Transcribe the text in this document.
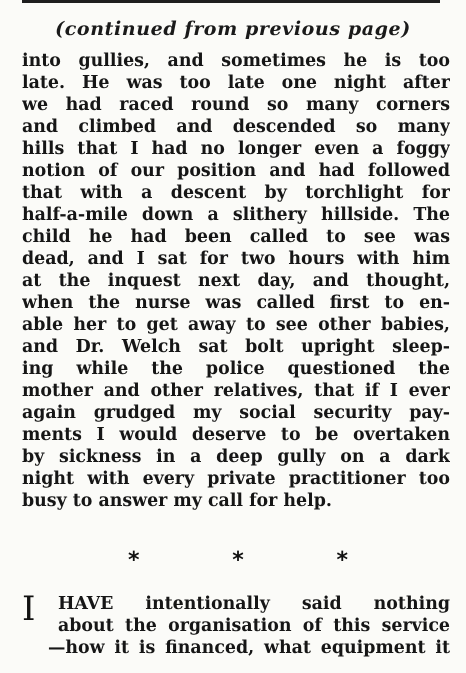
(continued from previous page)
into gullies, and sometimes he is too
late. He was too late one night after
we had raced round so many corners
and climbed and descended so many
hills that I had no longer even a foggy
notion of our position and had followed
that with a descent by torchlight for
half-a-mile down a slithery hillside. The
child he had been called to see was
dead, and I sat for two hours with him
at the inquest next day, and thought,
when the nurse was called first to en-
able her to get away to see other babies,
and Dr. Welch sat bolt upright sleep-
ing while the police questioned the
mother and other relatives, that if I ever
again grudged my social security pay-
ments I would deserve to be overtaken
by sickness in a deep gully on a dark
night with every private practitioner too
busy to answer my call for help.
*	*	*
I HAVE intentionally said nothing
about the organisation of this service
—how it is financed, what equipment it
